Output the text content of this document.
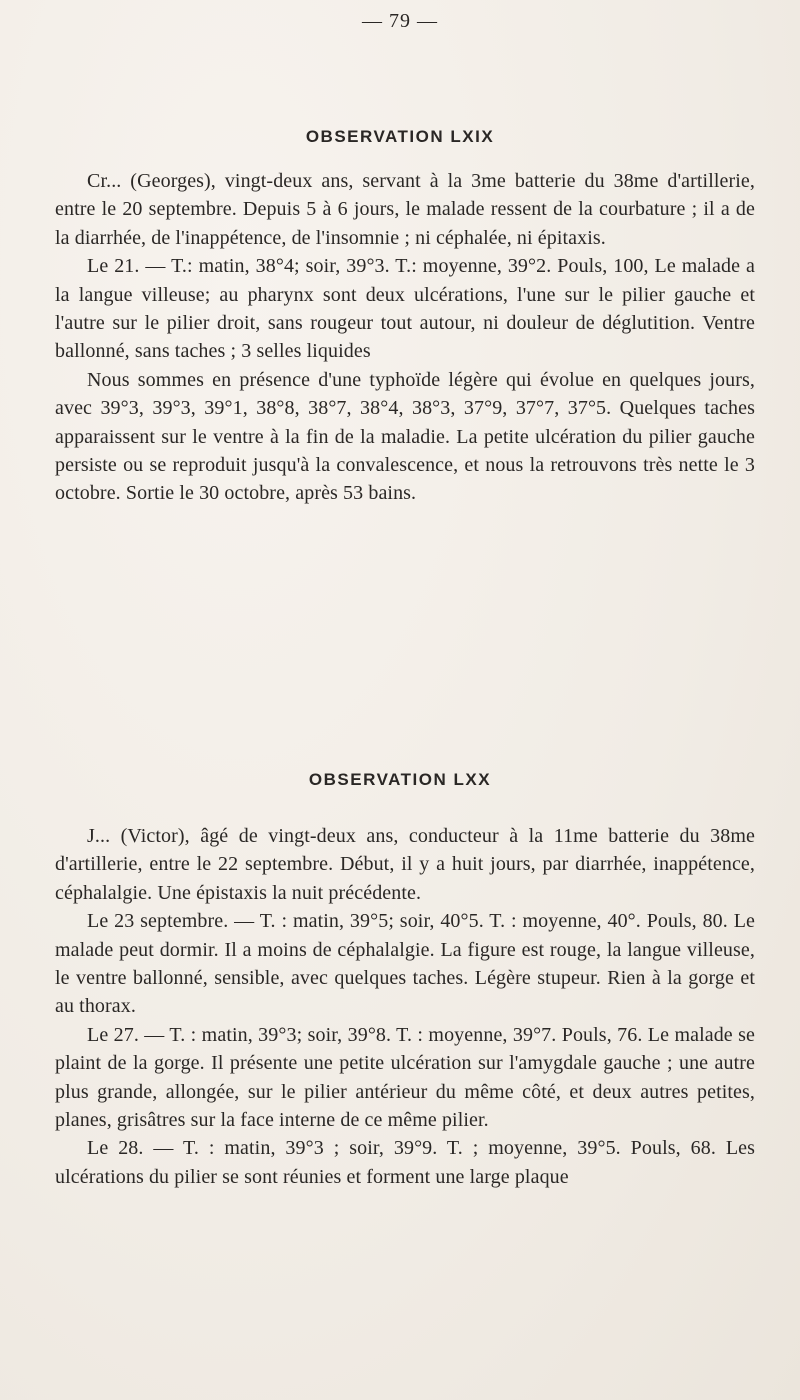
— 79 —
OBSERVATION LXIX

Cr... (Georges), vingt-deux ans, servant à la 3me batterie du 38me d'artillerie, entre le 20 septembre. Depuis 5 à 6 jours, le malade ressent de la courbature ; il a de la diarrhée, de l'inappétence, de l'insomnie ; ni céphalée, ni épitaxis.

Le 21. — T.: matin, 38°4; soir, 39°3. T.: moyenne, 39°2. Pouls, 100, Le malade a la langue villeuse; au pharynx sont deux ulcérations, l'une sur le pilier gauche et l'autre sur le pilier droit, sans rougeur tout autour, ni douleur de déglutition. Ventre ballonné, sans taches ; 3 selles liquides

Nous sommes en présence d'une typhoïde légère qui évolue en quelques jours, avec 39°3, 39°3, 39°1, 38°8, 38°7, 38°4, 38°3, 37°9, 37°7, 37°5. Quelques taches apparaissent sur le ventre à la fin de la maladie. La petite ulcération du pilier gauche persiste ou se reproduit jusqu'à la convalescence, et nous la retrouvons très nette le 3 octobre. Sortie le 30 octobre, après 53 bains.

OBSERVATION LXX

J... (Victor), âgé de vingt-deux ans, conducteur à la 11me batterie du 38me d'artillerie, entre le 22 septembre. Début, il y a huit jours, par diarrhée, inappétence, céphalalgie. Une épistaxis la nuit précédente.

Le 23 septembre. — T. : matin, 39°5; soir, 40°5. T. : moyenne, 40°. Pouls, 80. Le malade peut dormir. Il a moins de céphalalgie. La figure est rouge, la langue villeuse, le ventre ballonné, sensible, avec quelques taches. Légère stupeur. Rien à la gorge et au thorax.

Le 27. — T. : matin, 39°3; soir, 39°8. T. : moyenne, 39°7. Pouls, 76. Le malade se plaint de la gorge. Il présente une petite ulcération sur l'amygdale gauche ; une autre plus grande, allongée, sur le pilier antérieur du même côté, et deux autres petites, planes, grisâtres sur la face interne de ce même pilier.

Le 28. — T. : matin, 39°3 ; soir, 39°9. T. ; moyenne, 39°5. Pouls, 68. Les ulcérations du pilier se sont réunies et forment une large plaque
